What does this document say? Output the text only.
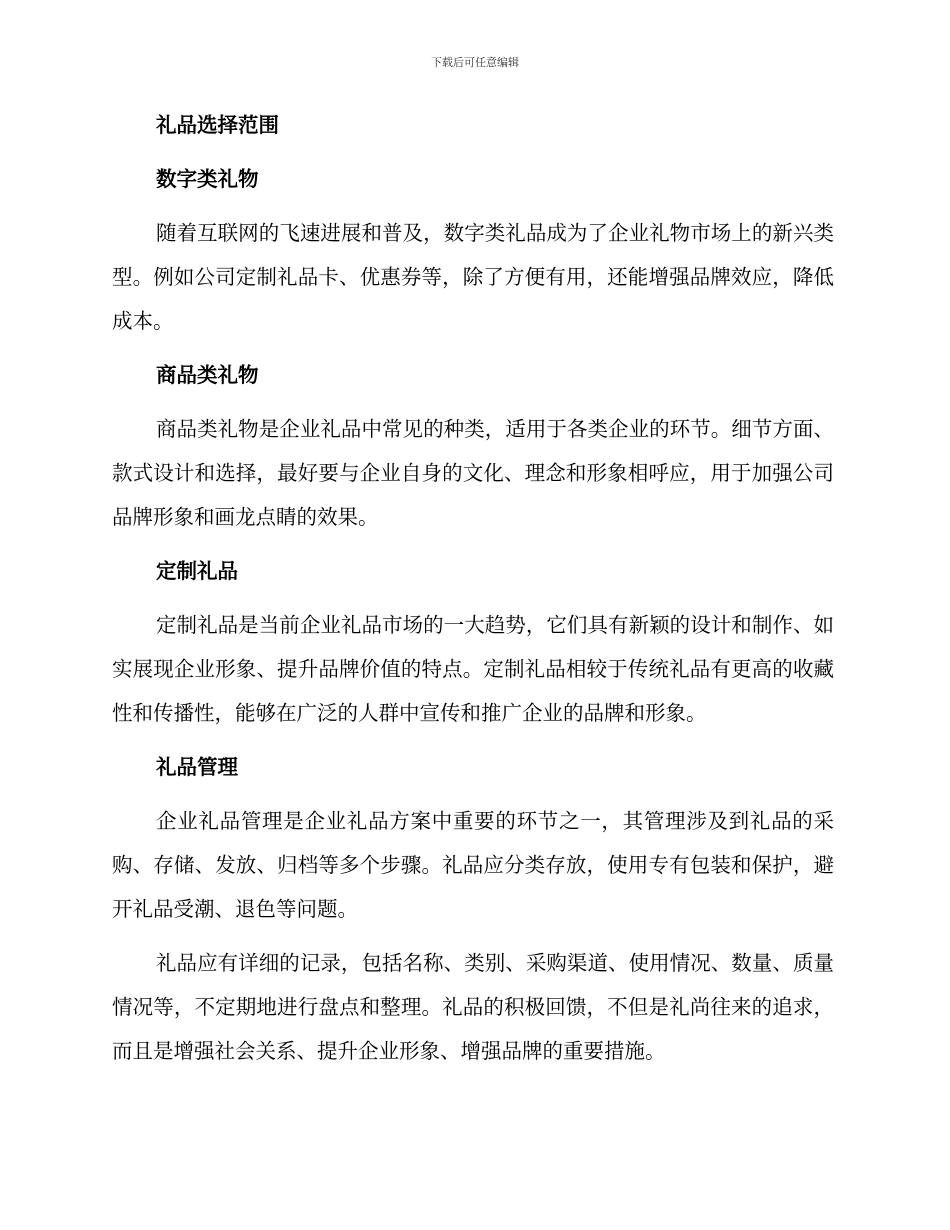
下载后可任意编辑
礼品选择范围
数字类礼物

随着互联网的飞速进展和普及，数字类礼品成为了企业礼物市场上的新兴类型。例如公司定制礼品卡、优惠券等，除了方便有用，还能增强品牌效应，降低成本。

商品类礼物

商品类礼物是企业礼品中常见的种类，适用于各类企业的环节。细节方面、款式设计和选择，最好要与企业自身的文化、理念和形象相呼应，用于加强公司品牌形象和画龙点睛的效果。

定制礼品

定制礼品是当前企业礼品市场的一大趋势，它们具有新颖的设计和制作、如实展现企业形象、提升品牌价值的特点。定制礼品相较于传统礼品有更高的收藏性和传播性，能够在广泛的人群中宣传和推广企业的品牌和形象。

礼品管理

企业礼品管理是企业礼品方案中重要的环节之一，其管理涉及到礼品的采购、存储、发放、归档等多个步骤。礼品应分类存放，使用专有包装和保护，避开礼品受潮、退色等问题。

礼品应有详细的记录，包括名称、类别、采购渠道、使用情况、数量、质量情况等，不定期地进行盘点和整理。礼品的积极回馈，不但是礼尚往来的追求，而且是增强社会关系、提升企业形象、增强品牌的重要措施。
